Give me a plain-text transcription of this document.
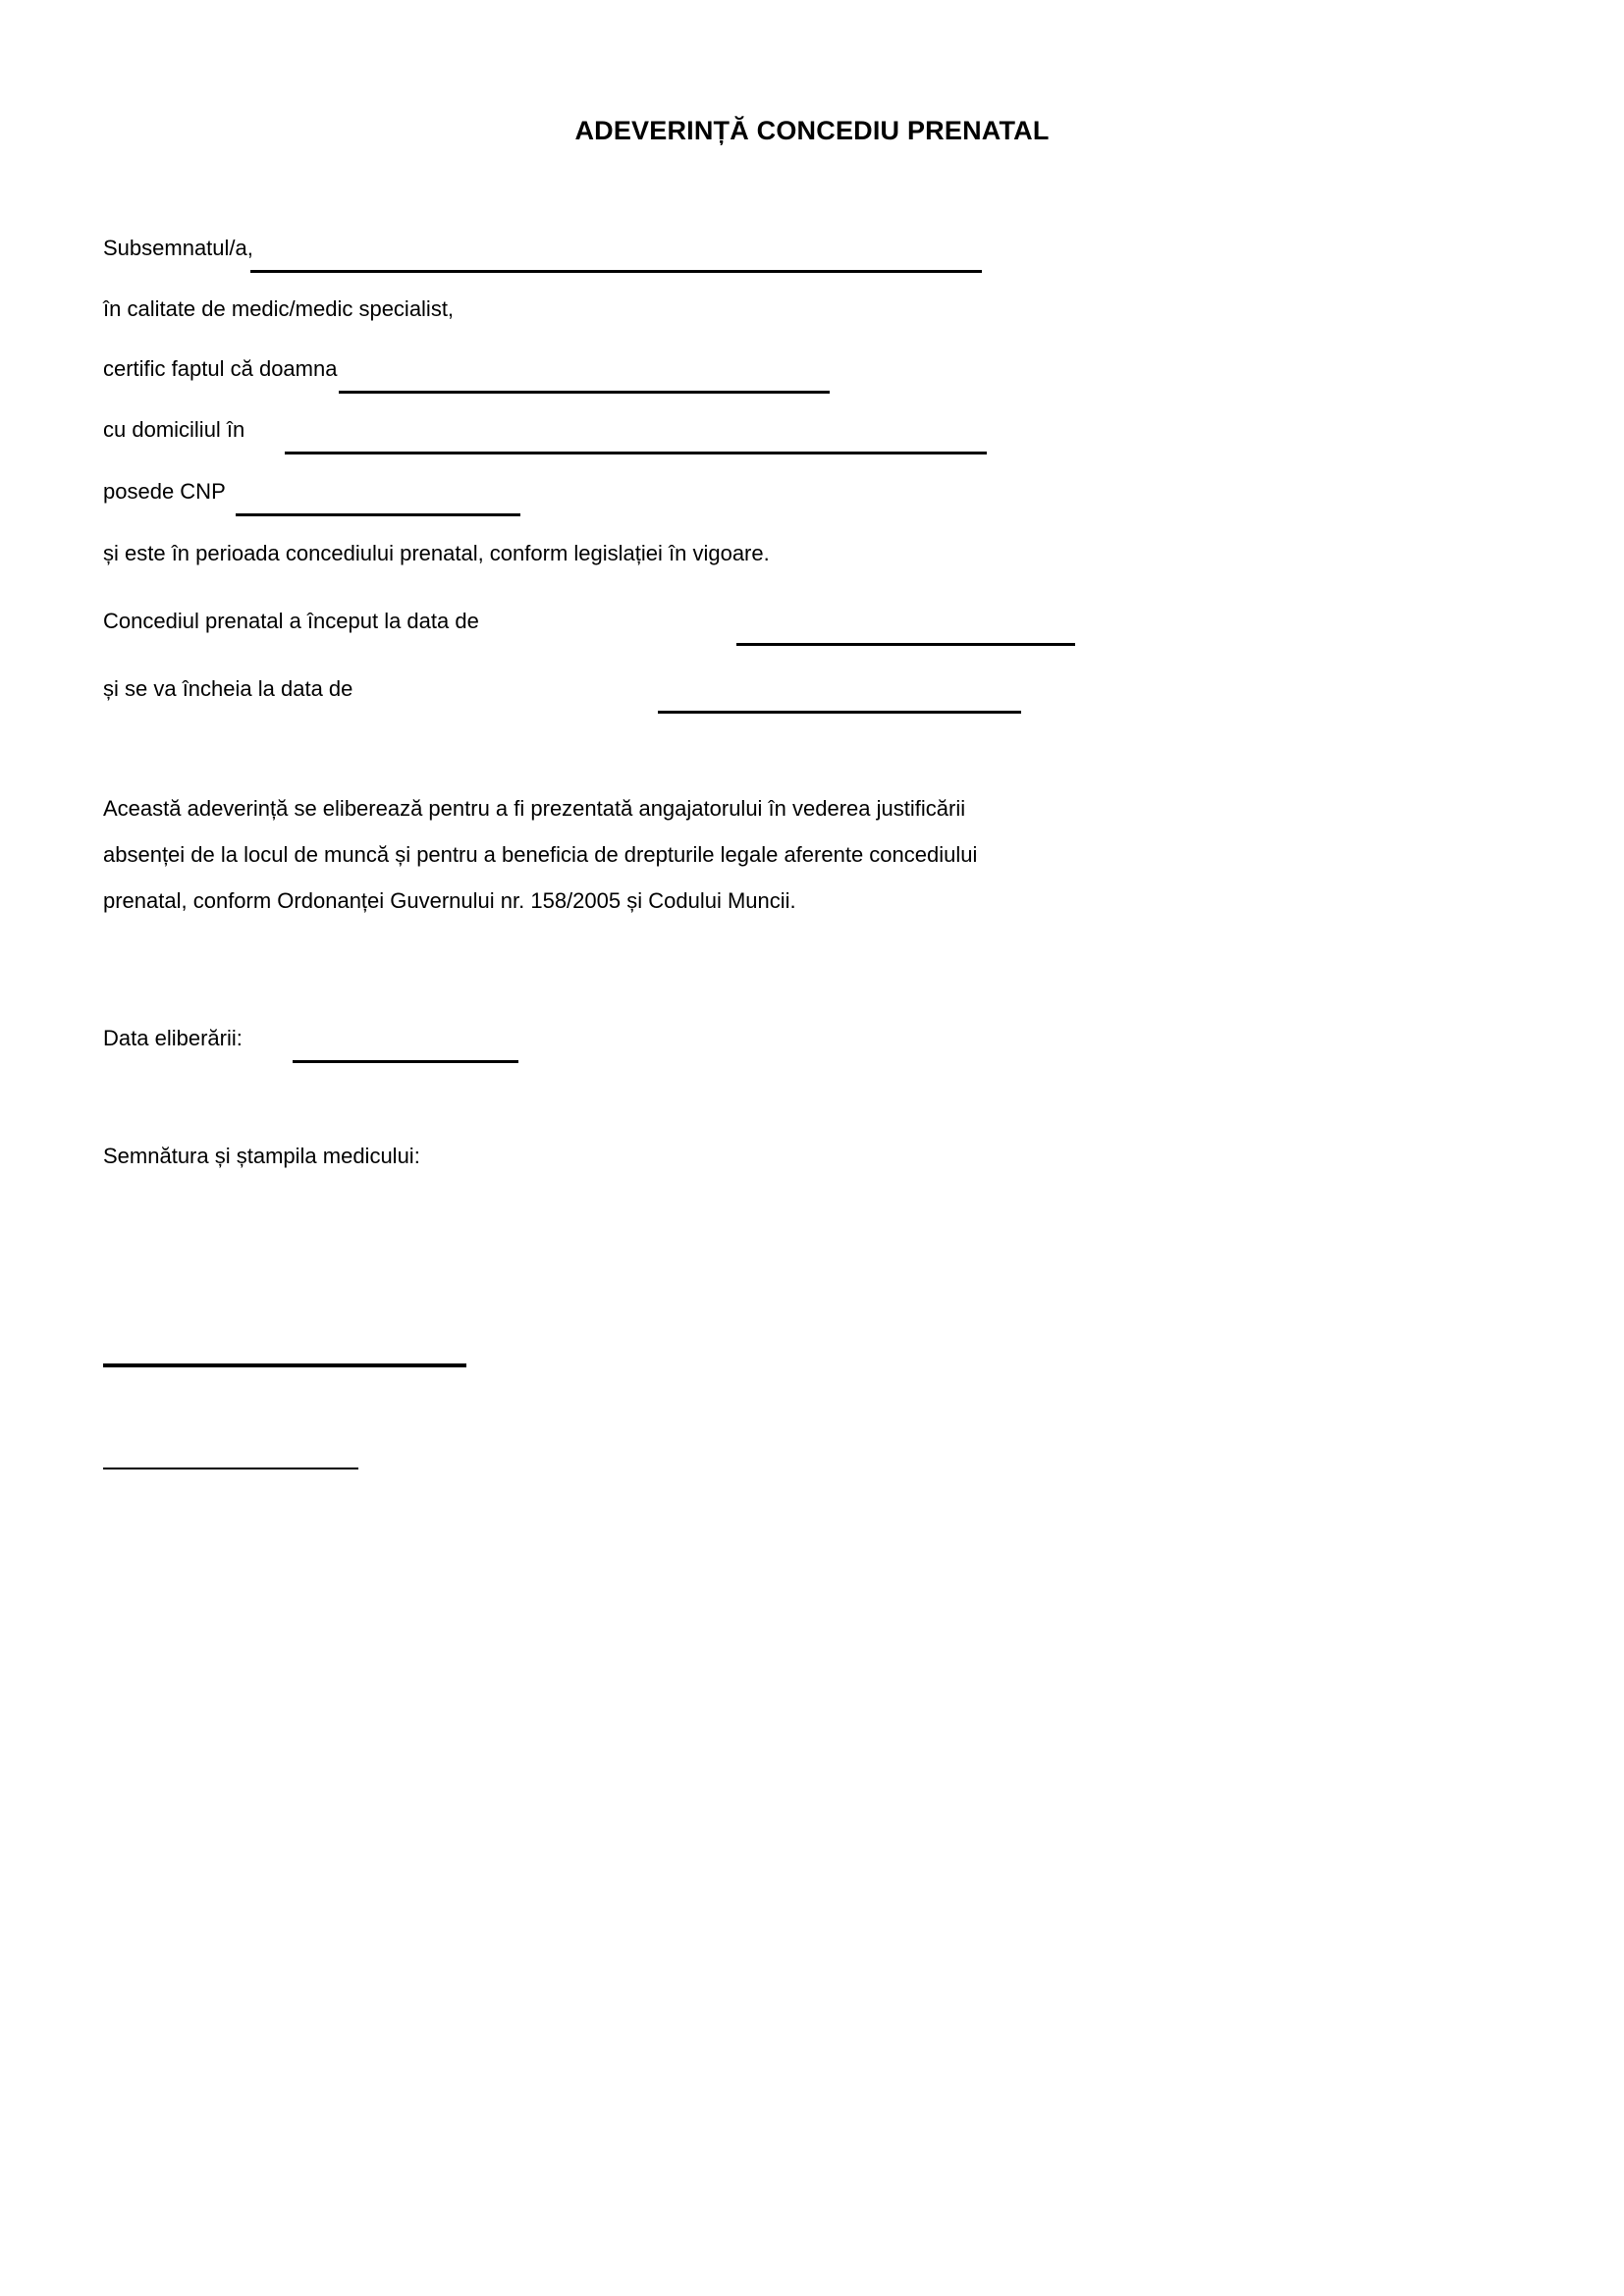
ADEVERINȚĂ CONCEDIU PRENATAL
Subsemnatul/a,
în calitate de medic/medic specialist,
certific faptul că doamna
cu domiciliul în
posede CNP
și este în perioada concediului prenatal, conform legislației în vigoare.
Concediul prenatal a început la data de
și se va încheia la data de
Această adeverință se eliberează pentru a fi prezentată angajatorului în vederea justificării
absenței de la locul de muncă și pentru a beneficia de drepturile legale aferente concediului
prenatal, conform Ordonanței Guvernului nr. 158/2005 și Codului Muncii.
Data eliberării:
Semnătura și ștampila medicului:
